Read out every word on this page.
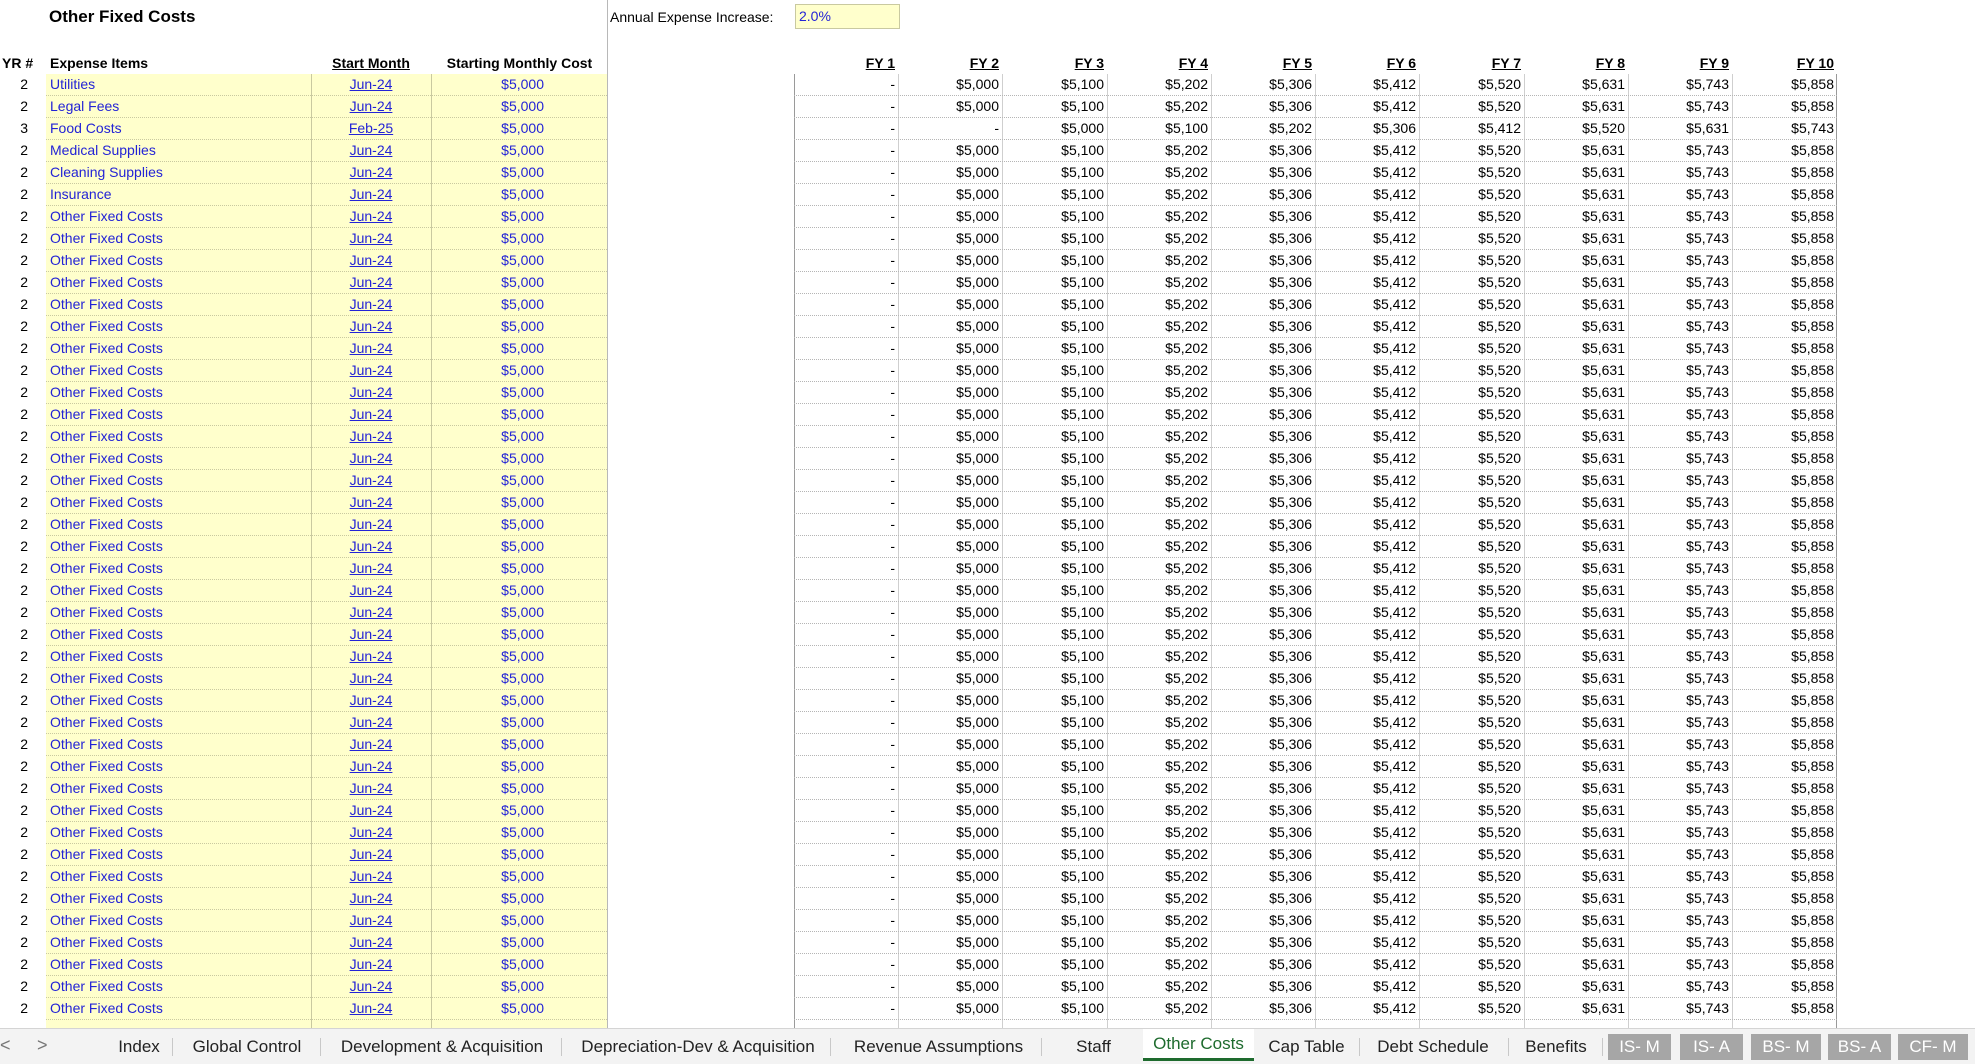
Other Fixed Costs	Annual Expense Increase: 2.0%
YR #	Expense Items	Start Month	Starting Monthly Cost	FY 1	FY 2	FY 3	FY 4	FY 5	FY 6	FY 7	FY 8	FY 9	FY 10
2 Utilities	Jun-24	$5,000	-	$5,000	$5,100	$5,202	$5,306	$5,412	$5,520	$5,631	$5,743	$5,858
2 Legal Fees	Jun-24	$5,000	-	$5,000	$5,100	$5,202	$5,306	$5,412	$5,520	$5,631	$5,743	$5,858
3 Food Costs	Feb-25	$5,000	-	-	$5,000	$5,100	$5,202	$5,306	$5,412	$5,520	$5,631	$5,743
2 Medical Supplies	Jun-24	$5,000	-	$5,000	$5,100	$5,202	$5,306	$5,412	$5,520	$5,631	$5,743	$5,858
2 Cleaning Supplies	Jun-24	$5,000	-	$5,000	$5,100	$5,202	$5,306	$5,412	$5,520	$5,631	$5,743	$5,858
2 Insurance	Jun-24	$5,000	-	$5,000	$5,100	$5,202	$5,306	$5,412	$5,520	$5,631	$5,743	$5,858
2 Other Fixed Costs	Jun-24	$5,000	-	$5,000	$5,100	$5,202	$5,306	$5,412	$5,520	$5,631	$5,743	$5,858
2 Other Fixed Costs	Jun-24	$5,000	-	$5,000	$5,100	$5,202	$5,306	$5,412	$5,520	$5,631	$5,743	$5,858
2 Other Fixed Costs	Jun-24	$5,000	-	$5,000	$5,100	$5,202	$5,306	$5,412	$5,520	$5,631	$5,743	$5,858
2 Other Fixed Costs	Jun-24	$5,000	-	$5,000	$5,100	$5,202	$5,306	$5,412	$5,520	$5,631	$5,743	$5,858
2 Other Fixed Costs	Jun-24	$5,000	-	$5,000	$5,100	$5,202	$5,306	$5,412	$5,520	$5,631	$5,743	$5,858
2 Other Fixed Costs	Jun-24	$5,000	-	$5,000	$5,100	$5,202	$5,306	$5,412	$5,520	$5,631	$5,743	$5,858
2 Other Fixed Costs	Jun-24	$5,000	-	$5,000	$5,100	$5,202	$5,306	$5,412	$5,520	$5,631	$5,743	$5,858
2 Other Fixed Costs	Jun-24	$5,000	-	$5,000	$5,100	$5,202	$5,306	$5,412	$5,520	$5,631	$5,743	$5,858
2 Other Fixed Costs	Jun-24	$5,000	-	$5,000	$5,100	$5,202	$5,306	$5,412	$5,520	$5,631	$5,743	$5,858
2 Other Fixed Costs	Jun-24	$5,000	-	$5,000	$5,100	$5,202	$5,306	$5,412	$5,520	$5,631	$5,743	$5,858
2 Other Fixed Costs	Jun-24	$5,000	-	$5,000	$5,100	$5,202	$5,306	$5,412	$5,520	$5,631	$5,743	$5,858
2 Other Fixed Costs	Jun-24	$5,000	-	$5,000	$5,100	$5,202	$5,306	$5,412	$5,520	$5,631	$5,743	$5,858
2 Other Fixed Costs	Jun-24	$5,000	-	$5,000	$5,100	$5,202	$5,306	$5,412	$5,520	$5,631	$5,743	$5,858
2 Other Fixed Costs	Jun-24	$5,000	-	$5,000	$5,100	$5,202	$5,306	$5,412	$5,520	$5,631	$5,743	$5,858
2 Other Fixed Costs	Jun-24	$5,000	-	$5,000	$5,100	$5,202	$5,306	$5,412	$5,520	$5,631	$5,743	$5,858
2 Other Fixed Costs	Jun-24	$5,000	-	$5,000	$5,100	$5,202	$5,306	$5,412	$5,520	$5,631	$5,743	$5,858
2 Other Fixed Costs	Jun-24	$5,000	-	$5,000	$5,100	$5,202	$5,306	$5,412	$5,520	$5,631	$5,743	$5,858
2 Other Fixed Costs	Jun-24	$5,000	-	$5,000	$5,100	$5,202	$5,306	$5,412	$5,520	$5,631	$5,743	$5,858
2 Other Fixed Costs	Jun-24	$5,000	-	$5,000	$5,100	$5,202	$5,306	$5,412	$5,520	$5,631	$5,743	$5,858
2 Other Fixed Costs	Jun-24	$5,000	-	$5,000	$5,100	$5,202	$5,306	$5,412	$5,520	$5,631	$5,743	$5,858
2 Other Fixed Costs	Jun-24	$5,000	-	$5,000	$5,100	$5,202	$5,306	$5,412	$5,520	$5,631	$5,743	$5,858
2 Other Fixed Costs	Jun-24	$5,000	-	$5,000	$5,100	$5,202	$5,306	$5,412	$5,520	$5,631	$5,743	$5,858
2 Other Fixed Costs	Jun-24	$5,000	-	$5,000	$5,100	$5,202	$5,306	$5,412	$5,520	$5,631	$5,743	$5,858
2 Other Fixed Costs	Jun-24	$5,000	-	$5,000	$5,100	$5,202	$5,306	$5,412	$5,520	$5,631	$5,743	$5,858
2 Other Fixed Costs	Jun-24	$5,000	-	$5,000	$5,100	$5,202	$5,306	$5,412	$5,520	$5,631	$5,743	$5,858
2 Other Fixed Costs	Jun-24	$5,000	-	$5,000	$5,100	$5,202	$5,306	$5,412	$5,520	$5,631	$5,743	$5,858
2 Other Fixed Costs	Jun-24	$5,000	-	$5,000	$5,100	$5,202	$5,306	$5,412	$5,520	$5,631	$5,743	$5,858
2 Other Fixed Costs	Jun-24	$5,000	-	$5,000	$5,100	$5,202	$5,306	$5,412	$5,520	$5,631	$5,743	$5,858
2 Other Fixed Costs	Jun-24	$5,000	-	$5,000	$5,100	$5,202	$5,306	$5,412	$5,520	$5,631	$5,743	$5,858
2 Other Fixed Costs	Jun-24	$5,000	-	$5,000	$5,100	$5,202	$5,306	$5,412	$5,520	$5,631	$5,743	$5,858
2 Other Fixed Costs	Jun-24	$5,000	-	$5,000	$5,100	$5,202	$5,306	$5,412	$5,520	$5,631	$5,743	$5,858
2 Other Fixed Costs	Jun-24	$5,000	-	$5,000	$5,100	$5,202	$5,306	$5,412	$5,520	$5,631	$5,743	$5,858
2 Other Fixed Costs	Jun-24	$5,000	-	$5,000	$5,100	$5,202	$5,306	$5,412	$5,520	$5,631	$5,743	$5,858
2 Other Fixed Costs	Jun-24	$5,000	-	$5,000	$5,100	$5,202	$5,306	$5,412	$5,520	$5,631	$5,743	$5,858
2 Other Fixed Costs	Jun-24	$5,000	-	$5,000	$5,100	$5,202	$5,306	$5,412	$5,520	$5,631	$5,743	$5,858
2 Other Fixed Costs	Jun-24	$5,000	-	$5,000	$5,100	$5,202	$5,306	$5,412	$5,520	$5,631	$5,743	$5,858
2 Other Fixed Costs	Jun-24	$5,000	-	$5,000	$5,100	$5,202	$5,306	$5,412	$5,520	$5,631	$5,743	$5,858
< >	Index	Global Control	Development & Acquisition	Depreciation-Dev & Acquisition	Revenue Assumptions	Staff	Other Costs	Cap Table	Debt Schedule	Benefits	IS- M	IS- A	BS- M	BS- A	CF- M
